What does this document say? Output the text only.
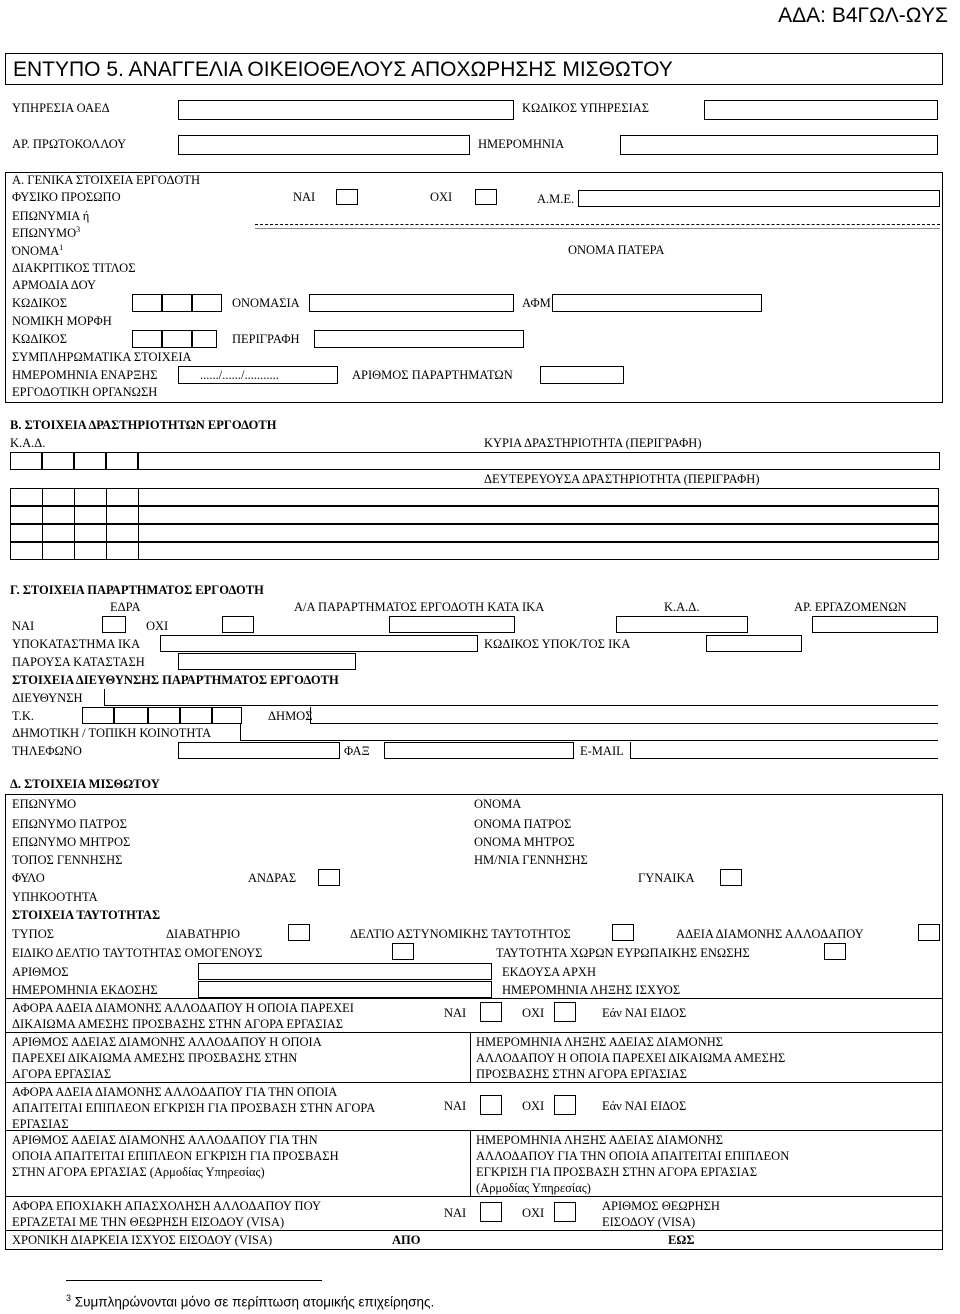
ΑΔΑ: Β4ΓΩΛ-ΩΥΣ
ΕΝΤΥΠΟ 5. ΑΝΑΓΓΕΛΙΑ ΟΙΚΕΙΟΘΕΛΟΥΣ ΑΠΟΧΩΡΗΣΗΣ ΜΙΣΘΩΤΟΥ
ΥΠΗΡΕΣΙΑ ΟΑΕΔ	ΚΩΔΙΚΟΣ ΥΠΗΡΕΣΙΑΣ
ΑΡ. ΠΡΩΤΟΚΟΛΛΟΥ	ΗΜΕΡΟΜΗΝΙΑ
Α. ΓΕΝΙΚΑ ΣΤΟΙΧΕΙΑ ΕΡΓΟΔΟΤΗ
ΦΥΣΙΚΟ ΠΡΟΣΩΠΟ	ΝΑΙ	ΟΧΙ	Α.Μ.Ε.
ΕΠΩΝΥΜΙΑ ή
ΕΠΩΝΥΜΟ$^3$
ΌΝΟΜΑ$^1$	ΟΝΟΜΑ ΠΑΤΕΡΑ
ΔΙΑΚΡΙΤΙΚΟΣ ΤΙΤΛΟΣ
ΑΡΜΟΔΙΑ ΔΟΥ
ΚΩΔΙΚΟΣ	ΟΝΟΜΑΣΙΑ	ΑΦΜ
ΝΟΜΙΚΗ ΜΟΡΦΗ
ΚΩΔΙΚΟΣ	ΠΕΡΙΓΡΑΦΗ
ΣΥΜΠΛΗΡΩΜΑΤΙΚΑ ΣΤΟΙΧΕΙΑ
ΗΜΕΡΟΜΗΝΙΑ ΕΝΑΡΞΗΣ	....../....../...........	ΑΡΙΘΜΟΣ ΠΑΡΑΡΤΗΜΑΤΩΝ
ΕΡΓΟΔΟΤΙΚΗ ΟΡΓΑΝΩΣΗ
Β. ΣΤΟΙΧΕΙΑ ΔΡΑΣΤΗΡΙΟΤΗΤΩΝ ΕΡΓΟΔΟΤΗ
Κ.Α.Δ.	ΚΥΡΙΑ ΔΡΑΣΤΗΡΙΟΤΗΤΑ (ΠΕΡΙΓΡΑΦΗ)
ΔΕΥΤΕΡΕΥΟΥΣΑ ΔΡΑΣΤΗΡΙΟΤΗΤΑ (ΠΕΡΙΓΡΑΦΗ)
Γ. ΣΤΟΙΧΕΙΑ ΠΑΡΑΡΤΗΜΑΤΟΣ ΕΡΓΟΔΟΤΗ
ΕΔΡΑ	Α/Α ΠΑΡΑΡΤΗΜΑΤΟΣ ΕΡΓΟΔΟΤΗ ΚΑΤΑ ΙΚΑ	Κ.Α.Δ.	ΑΡ. ΕΡΓΑΖΟΜΕΝΩΝ
ΝΑΙ	ΟΧΙ
ΥΠΟΚΑΤΑΣΤΗΜΑ ΙΚΑ	ΚΩΔΙΚΟΣ ΥΠΟΚ/ΤΟΣ ΙΚΑ
ΠΑΡΟΥΣΑ ΚΑΤΑΣΤΑΣΗ
ΣΤΟΙΧΕΙΑ ΔΙΕΥΘΥΝΣΗΣ ΠΑΡΑΡΤΗΜΑΤΟΣ ΕΡΓΟΔΟΤΗ
ΔΙΕΥΘΥΝΣΗ
Τ.Κ.	ΔΗΜΟΣ
ΔΗΜΟΤΙΚΗ / ΤΟΠΙΚΗ ΚΟΙΝΟΤΗΤΑ
ΤΗΛΕΦΩΝΟ	ΦΑΞ	E-MAIL
Δ. ΣΤΟΙΧΕΙΑ ΜΙΣΘΩΤΟΥ
ΕΠΩΝΥΜΟ	ΟΝΟΜΑ
ΕΠΩΝΥΜΟ ΠΑΤΡΟΣ	ΟΝΟΜΑ ΠΑΤΡΟΣ
ΕΠΩΝΥΜΟ ΜΗΤΡΟΣ	ΟΝΟΜΑ ΜΗΤΡΟΣ
ΤΟΠΟΣ ΓΕΝΝΗΣΗΣ	ΗΜ/ΝΙΑ ΓΕΝΝΗΣΗΣ
ΦΥΛΟ	ΑΝΔΡΑΣ	ΓΥΝΑΙΚΑ
ΥΠΗΚΟΟΤΗΤΑ
ΣΤΟΙΧΕΙΑ ΤΑΥΤΟΤΗΤΑΣ
ΤΥΠΟΣ	ΔΙΑΒΑΤΗΡΙΟ	ΔΕΛΤΙΟ ΑΣΤΥΝΟΜΙΚΗΣ ΤΑΥΤΟΤΗΤΟΣ	ΑΔΕΙΑ ΔΙΑΜΟΝΗΣ ΑΛΛΟΔΑΠΟΥ
ΕΙΔΙΚΟ ΔΕΛΤΙΟ ΤΑΥΤΟΤΗΤΑΣ ΟΜΟΓΕΝΟΥΣ	ΤΑΥΤΟΤΗΤΑ ΧΩΡΩΝ ΕΥΡΩΠΑΙΚΗΣ ΕΝΩΣΗΣ
ΑΡΙΘΜΟΣ	ΕΚΔΟΥΣΑ ΑΡΧΗ
ΗΜΕΡΟΜΗΝΙΑ ΕΚΔΟΣΗΣ	ΗΜΕΡΟΜΗΝΙΑ ΛΗΞΗΣ ΙΣΧΥΟΣ
ΑΦΟΡΑ ΑΔΕΙΑ ΔΙΑΜΟΝΗΣ ΑΛΛΟΔΑΠΟΥ Η ΟΠΟΙΑ ΠΑΡΕΧΕΙ ΔΙΚΑΙΩΜΑ ΑΜΕΣΗΣ ΠΡΟΣΒΑΣΗΣ ΣΤΗΝ ΑΓΟΡΑ ΕΡΓΑΣΙΑΣ
ΝΑΙ	ΟΧΙ	Εάν ΝΑΙ ΕΙΔΟΣ
ΑΡΙΘΜΟΣ ΑΔΕΙΑΣ ΔΙΑΜΟΝΗΣ ΑΛΛΟΔΑΠΟΥ Η ΟΠΟΙΑ ΠΑΡΕΧΕΙ ΔΙΚΑΙΩΜΑ ΑΜΕΣΗΣ ΠΡΟΣΒΑΣΗΣ ΣΤΗΝ ΑΓΟΡΑ ΕΡΓΑΣΙΑΣ
ΗΜΕΡΟΜΗΝΙΑ ΛΗΞΗΣ ΑΔΕΙΑΣ ΔΙΑΜΟΝΗΣ ΑΛΛΟΔΑΠΟΥ Η ΟΠΟΙΑ ΠΑΡΕΧΕΙ ΔΙΚΑΙΩΜΑ ΑΜΕΣΗΣ ΠΡΟΣΒΑΣΗΣ ΣΤΗΝ ΑΓΟΡΑ ΕΡΓΑΣΙΑΣ
ΑΦΟΡΑ ΑΔΕΙΑ ΔΙΑΜΟΝΗΣ ΑΛΛΟΔΑΠΟΥ ΓΙΑ ΤΗΝ ΟΠΟΙΑ ΑΠΑΙΤΕΙΤΑΙ ΕΠΙΠΛΕΟΝ ΕΓΚΡΙΣΗ ΓΙΑ ΠΡΟΣΒΑΣΗ ΣΤΗΝ ΑΓΟΡΑ ΕΡΓΑΣΙΑΣ
ΝΑΙ	ΟΧΙ	Εάν ΝΑΙ ΕΙΔΟΣ
ΑΡΙΘΜΟΣ ΑΔΕΙΑΣ ΔΙΑΜΟΝΗΣ ΑΛΛΟΔΑΠΟΥ ΓΙΑ ΤΗΝ ΟΠΟΙΑ ΑΠΑΙΤΕΙΤΑΙ ΕΠΙΠΛΕΟΝ ΕΓΚΡΙΣΗ ΓΙΑ ΠΡΟΣΒΑΣΗ ΣΤΗΝ ΑΓΟΡΑ ΕΡΓΑΣΙΑΣ (Αρμοδίας Υπηρεσίας)
ΗΜΕΡΟΜΗΝΙΑ ΛΗΞΗΣ ΑΔΕΙΑΣ ΔΙΑΜΟΝΗΣ ΑΛΛΟΔΑΠΟΥ ΓΙΑ ΤΗΝ ΟΠΟΙΑ ΑΠΑΙΤΕΙΤΑΙ ΕΠΙΠΛΕΟΝ ΕΓΚΡΙΣΗ ΓΙΑ ΠΡΟΣΒΑΣΗ ΣΤΗΝ ΑΓΟΡΑ ΕΡΓΑΣΙΑΣ (Αρμοδίας Υπηρεσίας)
ΑΦΟΡΑ ΕΠΟΧΙΑΚΗ ΑΠΑΣΧΟΛΗΣΗ ΑΛΛΟΔΑΠΟΥ ΠΟΥ ΕΡΓΑΖΕΤΑΙ ΜΕ ΤΗΝ ΘΕΩΡΗΣΗ ΕΙΣΟΔΟΥ (VISA)
ΝΑΙ	ΟΧΙ	ΑΡΙΘΜΟΣ ΘΕΩΡΗΣΗ ΕΙΣΟΔΟΥ (VISA)
ΧΡΟΝΙΚΗ ΔΙΑΡΚΕΙΑ ΙΣΧΥΟΣ ΕΙΣΟΔΟΥ (VISA)	ΑΠΟ	ΕΩΣ
$^3$ Συμπληρώνονται μόνο σε περίπτωση ατομικής επιχείρησης.
